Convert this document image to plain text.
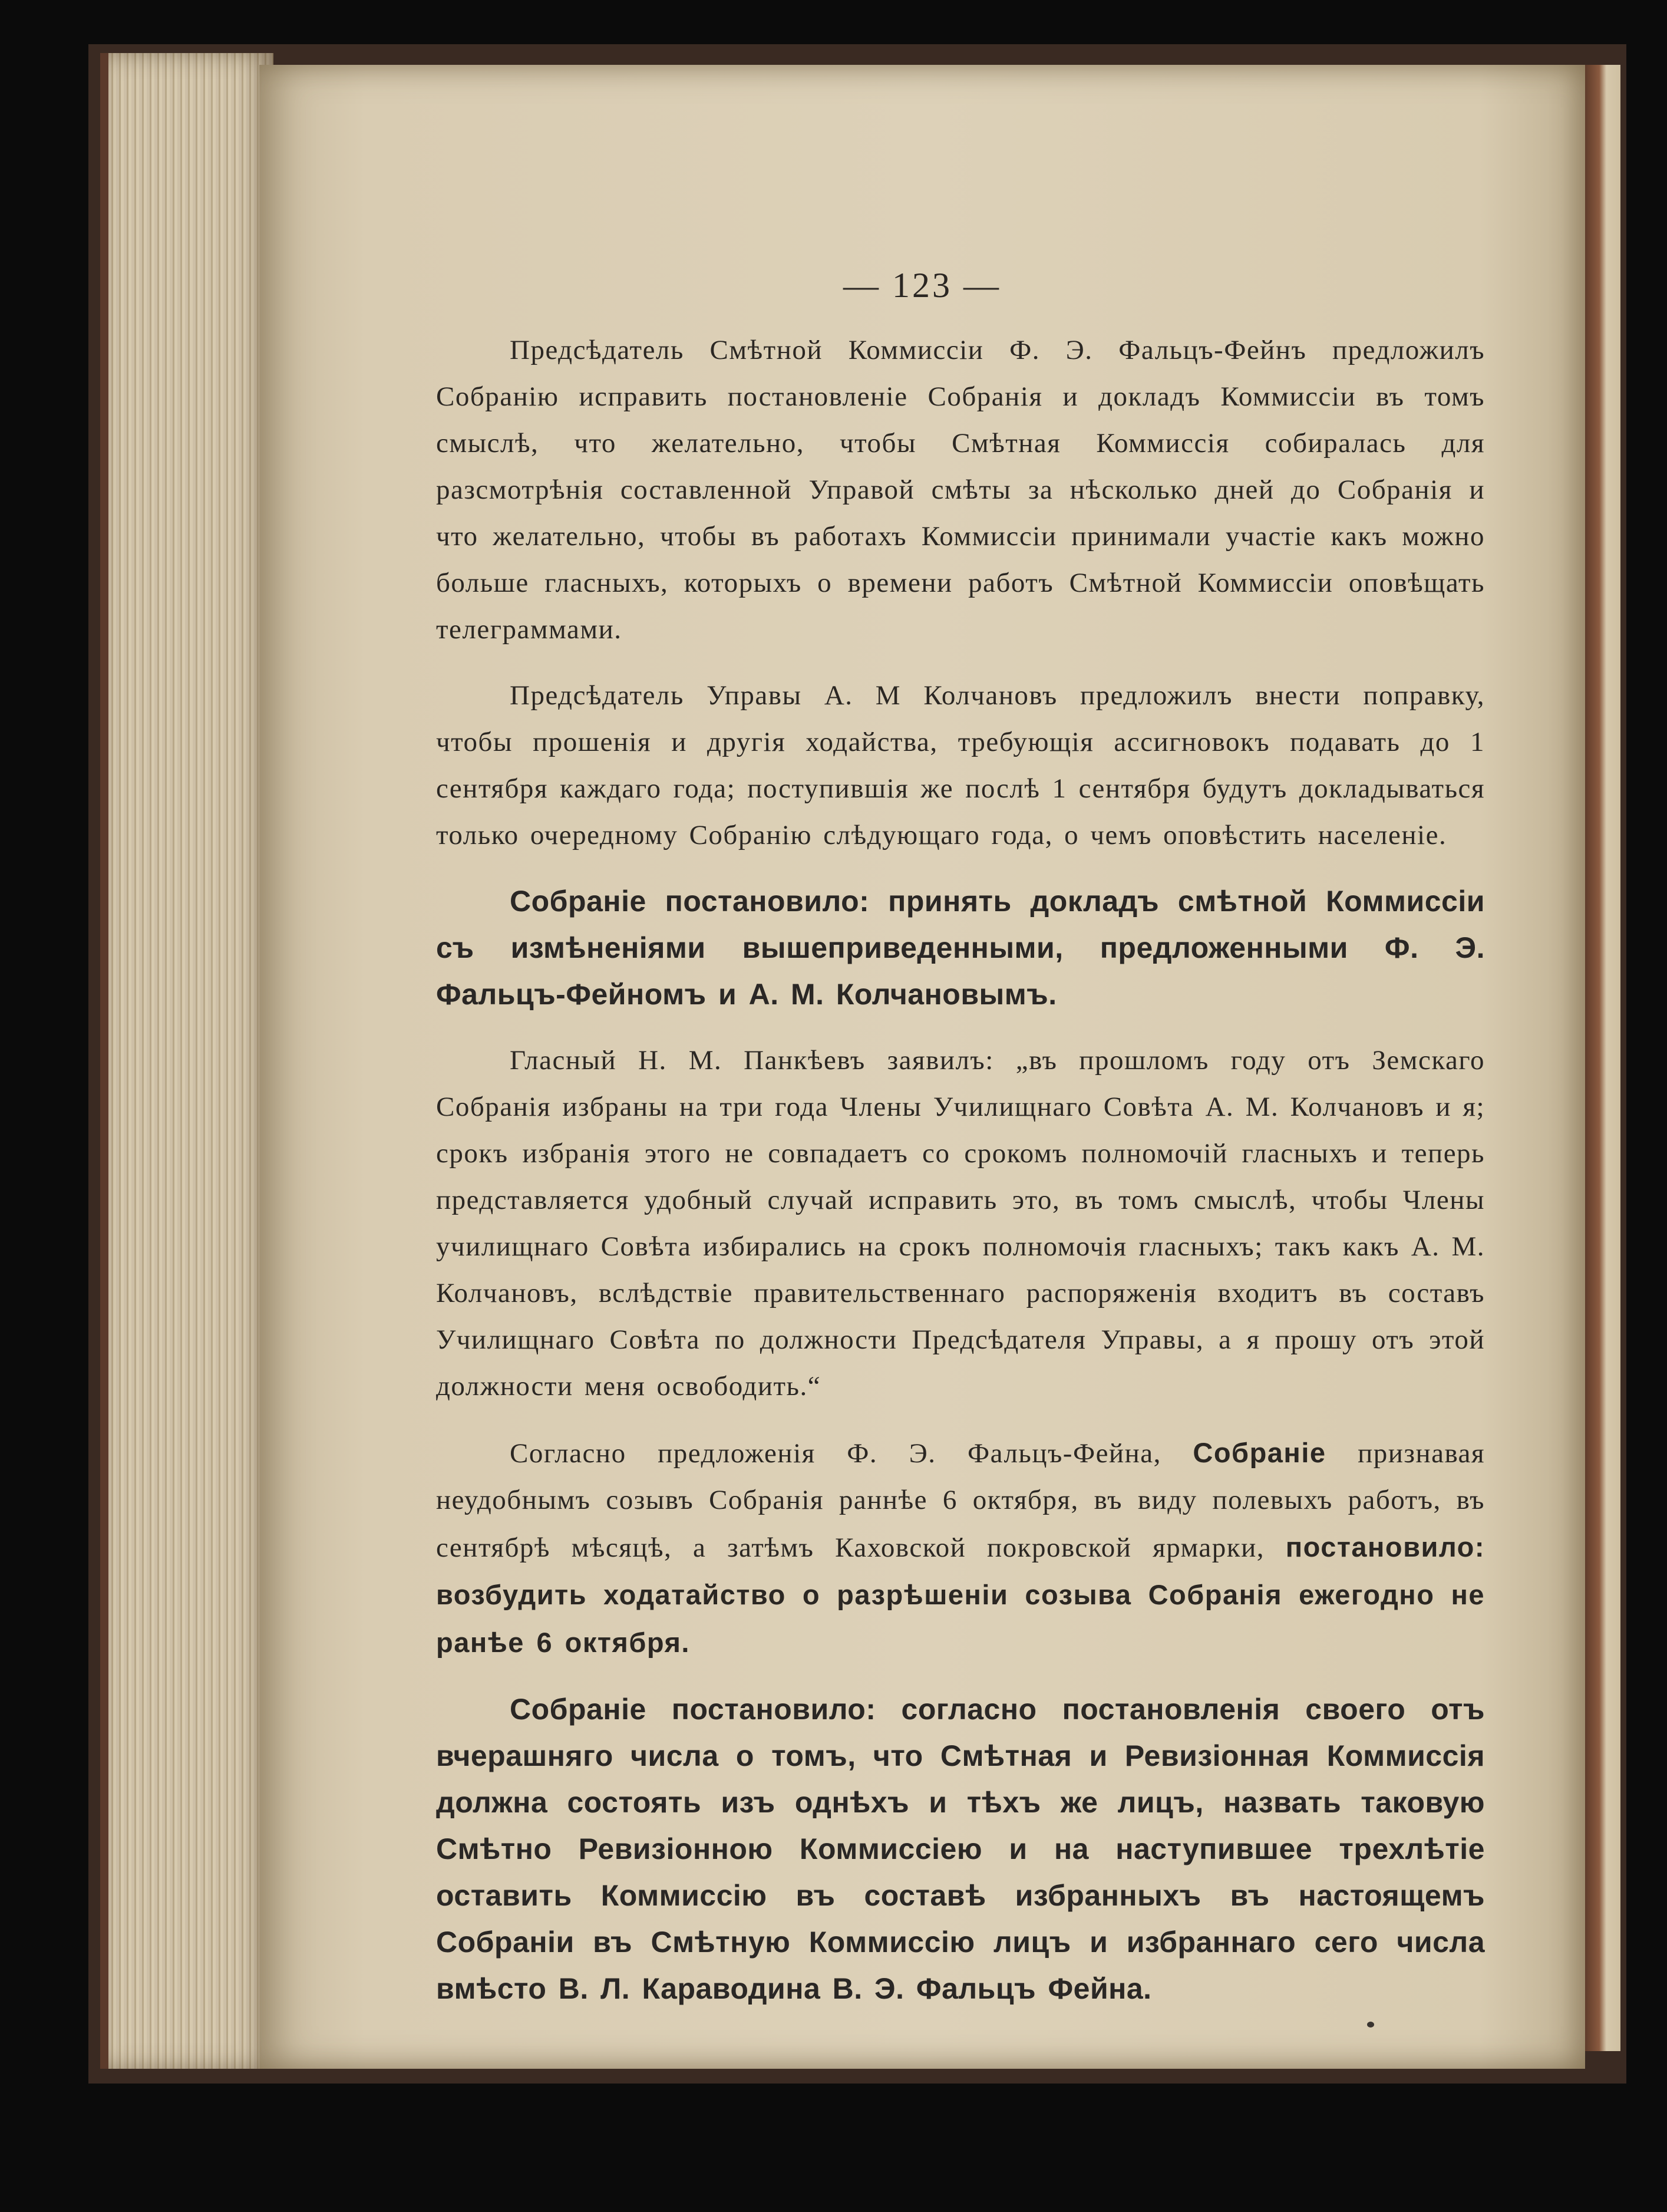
— 123 —

Предсѣдатель Смѣтной Коммиссіи Ф. Э. Фальцъ-Фейнъ предложилъ Собранію исправить постановленіе Собранія и докладъ Коммиссіи въ томъ смыслѣ, что желательно, чтобы Смѣтная Коммиссія собиралась для разсмотрѣнія составленной Управой смѣты за нѣсколько дней до Собранія и что желательно, чтобы въ работахъ Коммиссіи принимали участіе какъ можно больше гласныхъ, которыхъ о времени работъ Смѣтной Коммиссіи оповѣщать телеграммами.

Предсѣдатель Управы А. М Колчановъ предложилъ внести поправку, чтобы прошенія и другія ходайства, требующія ассигновокъ подавать до 1 сентября каждаго года; поступившія же послѣ 1 сентября будутъ докладываться только очередному Собранію слѣдующаго года, о чемъ оповѣстить населеніе.

Собраніе постановило: принять докладъ смѣтной Коммиссіи съ измѣненіями вышеприведенными, предложенными Ф. Э. Фальцъ-Фейномъ и А. М. Колчановымъ.

Гласный Н. М. Панкѣевъ заявилъ: „въ прошломъ году отъ Земскаго Собранія избраны на три года Члены Училищнаго Совѣта А. М. Колчановъ и я; срокъ избранія этого не совпадаетъ со срокомъ полномочій гласныхъ и теперь представляется удобный случай исправить это, въ томъ смыслѣ, чтобы Члены училищнаго Совѣта избирались на срокъ полномочія гласныхъ; такъ какъ А. М. Колчановъ, вслѣдствіе правительственнаго распоряженія входитъ въ составъ Училищнаго Совѣта по должности Предсѣдателя Управы, а я прошу отъ этой должности меня освободить.“

Согласно предложенія Ф. Э. Фальцъ-Фейна, Собраніе признавая неудобнымъ созывъ Собранія раннѣе 6 октября, въ виду полевыхъ работъ, въ сентябрѣ мѣсяцѣ, а затѣмъ Каховской покровской ярмарки, постановило: возбудить ходатайство о разрѣшеніи созыва Собранія ежегодно не ранѣе 6 октября.

Собраніе постановило: согласно постановленія своего отъ вчерашняго числа о томъ, что Смѣтная и Ревизіонная Коммиссія должна состоять изъ однѣхъ и тѣхъ же лицъ, назвать таковую Смѣтно Ревизіонною Коммиссіею и на наступившее трехлѣтіе оставить Коммиссію въ составѣ избранныхъ въ настоящемъ Собраніи въ Смѣтную Коммиссію лицъ и избраннаго сего числа вмѣсто В. Л. Караводина В. Э. Фальцъ Фейна.
